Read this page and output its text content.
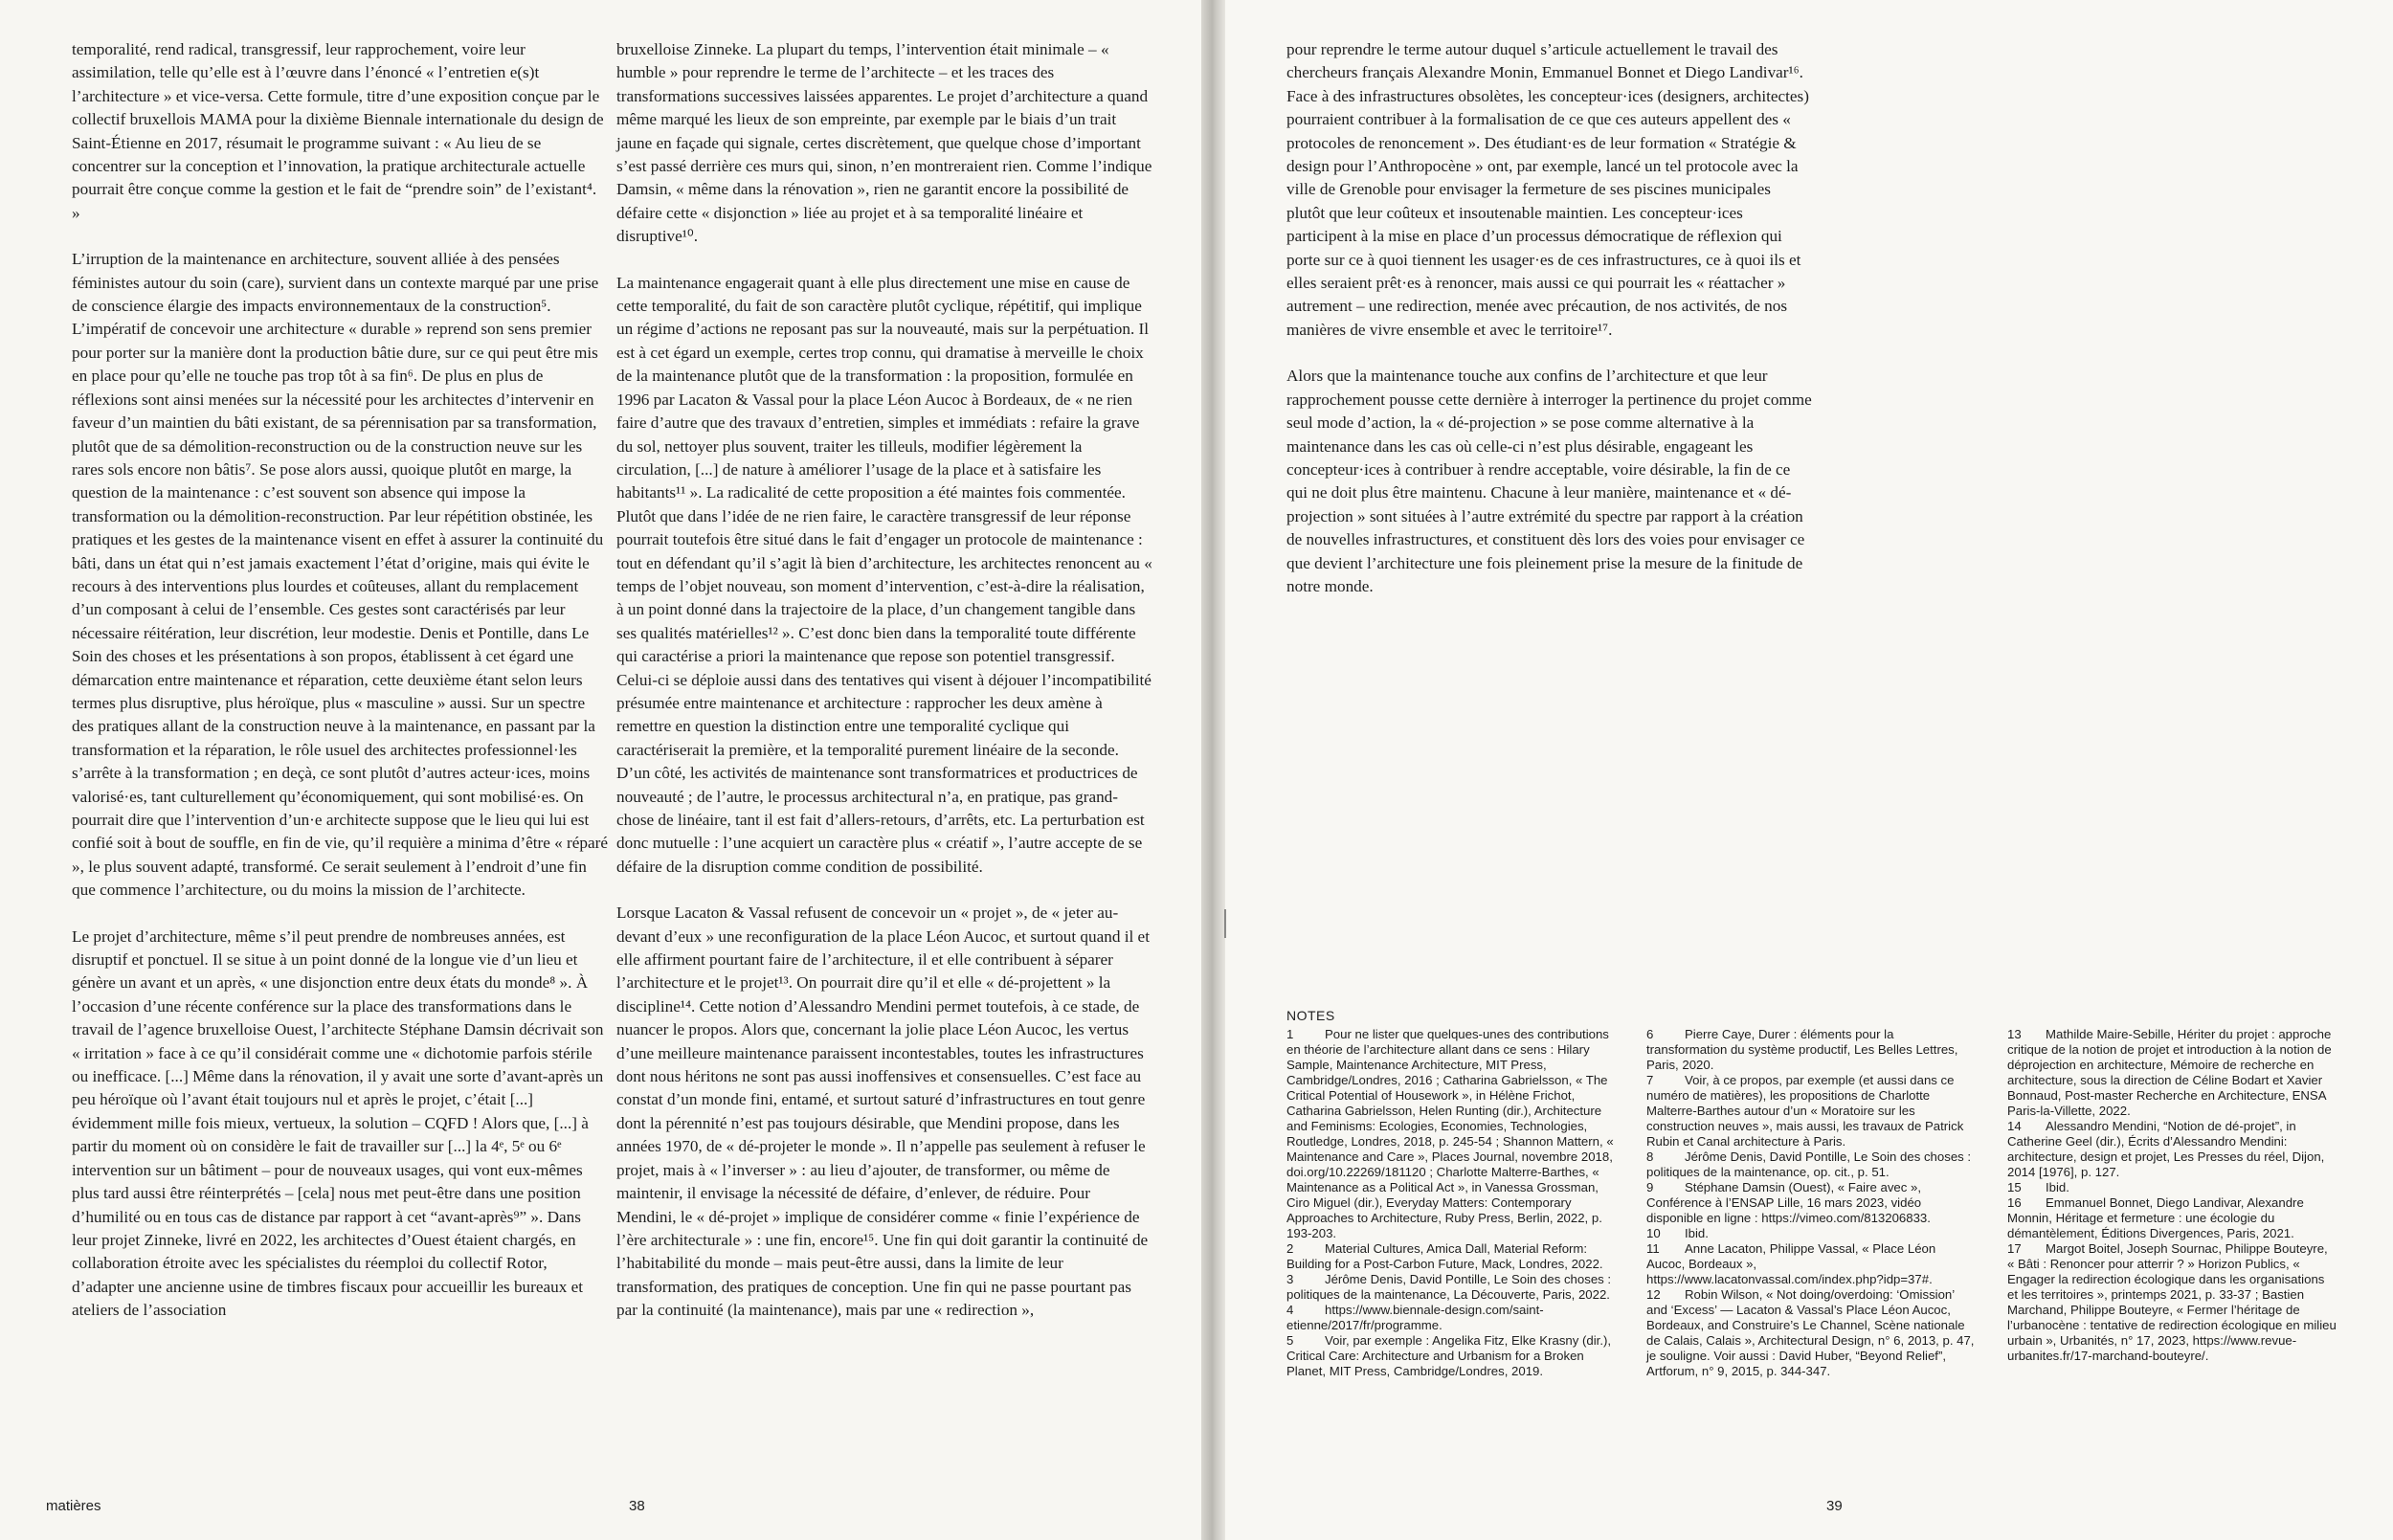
temporalité, rend radical, transgressif, leur rapprochement, voire leur assimilation, telle qu’elle est à l’œuvre dans l’énoncé « l’entretien e(s)t l’architecture » et vice-versa. Cette formule, titre d’une exposition conçue par le collectif bruxellois MAMA pour la dixième Biennale internationale du design de Saint-Étienne en 2017, résumait le programme suivant : « Au lieu de se concentrer sur la conception et l’innovation, la pratique architecturale actuelle pourrait être conçue comme la gestion et le fait de “prendre soin” de l’existant⁴. »

L’irruption de la maintenance en architecture, souvent alliée à des pensées féministes autour du soin (care), survient dans un contexte marqué par une prise de conscience élargie des impacts environnementaux de la construction⁵. L’impératif de concevoir une architecture « durable » reprend son sens premier pour porter sur la manière dont la production bâtie dure, sur ce qui peut être mis en place pour qu’elle ne touche pas trop tôt à sa fin⁶. De plus en plus de réflexions sont ainsi menées sur la nécessité pour les architectes d’intervenir en faveur d’un maintien du bâti existant, de sa pérennisation par sa transformation, plutôt que de sa démolition-reconstruction ou de la construction neuve sur les rares sols encore non bâtis⁷. Se pose alors aussi, quoique plutôt en marge, la question de la maintenance : c’est souvent son absence qui impose la transformation ou la démolition-reconstruction. Par leur répétition obstinée, les pratiques et les gestes de la maintenance visent en effet à assurer la continuité du bâti, dans un état qui n’est jamais exactement l’état d’origine, mais qui évite le recours à des interventions plus lourdes et coûteuses, allant du remplacement d’un composant à celui de l’ensemble. Ces gestes sont caractérisés par leur nécessaire réitération, leur discrétion, leur modestie. Denis et Pontille, dans Le Soin des choses et les présentations à son propos, établissent à cet égard une démarcation entre maintenance et réparation, cette deuxième étant selon leurs termes plus disruptive, plus héroïque, plus « masculine » aussi. Sur un spectre des pratiques allant de la construction neuve à la maintenance, en passant par la transformation et la réparation, le rôle usuel des architectes professionnel·les s’arrête à la transformation ; en deçà, ce sont plutôt d’autres acteur·ices, moins valorisé·es, tant culturellement qu’économiquement, qui sont mobilisé·es. On pourrait dire que l’intervention d’un·e architecte suppose que le lieu qui lui est confié soit à bout de souffle, en fin de vie, qu’il requière a minima d’être « réparé », le plus souvent adapté, transformé. Ce serait seulement à l’endroit d’une fin que commence l’architecture, ou du moins la mission de l’architecte.

Le projet d’architecture, même s’il peut prendre de nombreuses années, est disruptif et ponctuel. Il se situe à un point donné de la longue vie d’un lieu et génère un avant et un après, « une disjonction entre deux états du monde⁸ ». À l’occasion d’une récente conférence sur la place des transformations dans le travail de l’agence bruxelloise Ouest, l’architecte Stéphane Damsin décrivait son « irritation » face à ce qu’il considérait comme une « dichotomie parfois stérile ou inefficace. [...] Même dans la rénovation, il y avait une sorte d’avant-après un peu héroïque où l’avant était toujours nul et après le projet, c’était [...] évidemment mille fois mieux, vertueux, la solution – CQFD ! Alors que, [...] à partir du moment où on considère le fait de travailler sur [...] la 4ᵉ, 5ᵉ ou 6ᵉ intervention sur un bâtiment – pour de nouveaux usages, qui vont eux-mêmes plus tard aussi être réinterprétés – [cela] nous met peut-être dans une position d’humilité ou en tous cas de distance par rapport à cet “avant-après⁹” ». Dans leur projet Zinneke, livré en 2022, les architectes d’Ouest étaient chargés, en collaboration étroite avec les spécialistes du réemploi du collectif Rotor, d’adapter une ancienne usine de timbres fiscaux pour accueillir les bureaux et ateliers de l’association

bruxelloise Zinneke. La plupart du temps, l’intervention était minimale – « humble » pour reprendre le terme de l’architecte – et les traces des transformations successives laissées apparentes. Le projet d’architecture a quand même marqué les lieux de son empreinte, par exemple par le biais d’un trait jaune en façade qui signale, certes discrètement, que quelque chose d’important s’est passé derrière ces murs qui, sinon, n’en montreraient rien. Comme l’indique Damsin, « même dans la rénovation », rien ne garantit encore la possibilité de défaire cette « disjonction » liée au projet et à sa temporalité linéaire et disruptive¹⁰.

La maintenance engagerait quant à elle plus directement une mise en cause de cette temporalité, du fait de son caractère plutôt cyclique, répétitif, qui implique un régime d’actions ne reposant pas sur la nouveauté, mais sur la perpétuation. Il est à cet égard un exemple, certes trop connu, qui dramatise à merveille le choix de la maintenance plutôt que de la transformation : la proposition, formulée en 1996 par Lacaton & Vassal pour la place Léon Aucoc à Bordeaux, de « ne rien faire d’autre que des travaux d’entretien, simples et immédiats : refaire la grave du sol, nettoyer plus souvent, traiter les tilleuls, modifier légèrement la circulation, [...] de nature à améliorer l’usage de la place et à satisfaire les habitants¹¹ ». La radicalité de cette proposition a été maintes fois commentée. Plutôt que dans l’idée de ne rien faire, le caractère transgressif de leur réponse pourrait toutefois être situé dans le fait d’engager un protocole de maintenance : tout en défendant qu’il s’agit là bien d’architecture, les architectes renoncent au « temps de l’objet nouveau, son moment d’intervention, c’est-à-dire la réalisation, à un point donné dans la trajectoire de la place, d’un changement tangible dans ses qualités matérielles¹² ». C’est donc bien dans la temporalité toute différente qui caractérise a priori la maintenance que repose son potentiel transgressif. Celui-ci se déploie aussi dans des tentatives qui visent à déjouer l’incompatibilité présumée entre maintenance et architecture : rapprocher les deux amène à remettre en question la distinction entre une temporalité cyclique qui caractériserait la première, et la temporalité purement linéaire de la seconde. D’un côté, les activités de maintenance sont transformatrices et productrices de nouveauté ; de l’autre, le processus architectural n’a, en pratique, pas grand-chose de linéaire, tant il est fait d’allers-retours, d’arrêts, etc. La perturbation est donc mutuelle : l’une acquiert un caractère plus « créatif », l’autre accepte de se défaire de la disruption comme condition de possibilité.

Lorsque Lacaton & Vassal refusent de concevoir un « projet », de « jeter au-devant d’eux » une reconfiguration de la place Léon Aucoc, et surtout quand il et elle affirment pourtant faire de l’architecture, il et elle contribuent à séparer l’architecture et le projet¹³. On pourrait dire qu’il et elle « dé-projettent » la discipline¹⁴. Cette notion d’Alessandro Mendini permet toutefois, à ce stade, de nuancer le propos. Alors que, concernant la jolie place Léon Aucoc, les vertus d’une meilleure maintenance paraissent incontestables, toutes les infrastructures dont nous héritons ne sont pas aussi inoffensives et consensuelles. C’est face au constat d’un monde fini, entamé, et surtout saturé d’infrastructures en tout genre dont la pérennité n’est pas toujours désirable, que Mendini propose, dans les années 1970, de « dé-projeter le monde ». Il n’appelle pas seulement à refuser le projet, mais à « l’inverser » : au lieu d’ajouter, de transformer, ou même de maintenir, il envisage la nécessité de défaire, d’enlever, de réduire. Pour Mendini, le « dé-projet » implique de considérer comme « finie l’expérience de l’ère architecturale » : une fin, encore¹⁵. Une fin qui doit garantir la continuité de l’habitabilité du monde – mais peut-être aussi, dans la limite de leur transformation, des pratiques de conception. Une fin qui ne passe pourtant pas par la continuité (la maintenance), mais par une « redirection »,

matières	38

pour reprendre le terme autour duquel s’articule actuellement le travail des chercheurs français Alexandre Monin, Emmanuel Bonnet et Diego Landivar¹⁶. Face à des infrastructures obsolètes, les concepteur·ices (designers, architectes) pourraient contribuer à la formalisation de ce que ces auteurs appellent des « protocoles de renoncement ». Des étudiant·es de leur formation « Stratégie & design pour l’Anthropocène » ont, par exemple, lancé un tel protocole avec la ville de Grenoble pour envisager la fermeture de ses piscines municipales plutôt que leur coûteux et insoutenable maintien. Les concepteur·ices participent à la mise en place d’un processus démocratique de réflexion qui porte sur ce à quoi tiennent les usager·es de ces infrastructures, ce à quoi ils et elles seraient prêt·es à renoncer, mais aussi ce qui pourrait les « réattacher » autrement – une redirection, menée avec précaution, de nos activités, de nos manières de vivre ensemble et avec le territoire¹⁷.

Alors que la maintenance touche aux confins de l’architecture et que leur rapprochement pousse cette dernière à interroger la pertinence du projet comme seul mode d’action, la « dé-projection » se pose comme alternative à la maintenance dans les cas où celle-ci n’est plus désirable, engageant les concepteur·ices à contribuer à rendre acceptable, voire désirable, la fin de ce qui ne doit plus être maintenu. Chacune à leur manière, maintenance et « dé-projection » sont situées à l’autre extrémité du spectre par rapport à la création de nouvelles infrastructures, et constituent dès lors des voies pour envisager ce que devient l’architecture une fois pleinement prise la mesure de la finitude de notre monde.

NOTES

1 Pour ne lister que quelques-unes des contributions en théorie de l’architecture allant dans ce sens : Hilary Sample, Maintenance Architecture, MIT Press, Cambridge/Londres, 2016 ; Catharina Gabrielsson, « The Critical Potential of Housework », in Hélène Frichot, Catharina Gabrielsson, Helen Runting (dir.), Architecture and Feminisms: Ecologies, Economies, Technologies, Routledge, Londres, 2018, p. 245-54 ; Shannon Mattern, « Maintenance and Care », Places Journal, novembre 2018, doi.org/10.22269/181120 ; Charlotte Malterre-Barthes, « Maintenance as a Political Act », in Vanessa Grossman, Ciro Miguel (dir.), Everyday Matters: Contemporary Approaches to Architecture, Ruby Press, Berlin, 2022, p. 193-203.

2 Material Cultures, Amica Dall, Material Reform: Building for a Post-Carbon Future, Mack, Londres, 2022.

3 Jérôme Denis, David Pontille, Le Soin des choses : politiques de la maintenance, La Découverte, Paris, 2022.

4 https://www.biennale-design.com/saint-etienne/2017/fr/programme.

5 Voir, par exemple : Angelika Fitz, Elke Krasny (dir.), Critical Care: Architecture and Urbanism for a Broken Planet, MIT Press, Cambridge/Londres, 2019.

6 Pierre Caye, Durer : éléments pour la transformation du système productif, Les Belles Lettres, Paris, 2020.

7 Voir, à ce propos, par exemple (et aussi dans ce numéro de matières), les propositions de Charlotte Malterre-Barthes autour d’un « Moratoire sur les construction neuves », mais aussi, les travaux de Patrick Rubin et Canal architecture à Paris.

8 Jérôme Denis, David Pontille, Le Soin des choses : politiques de la maintenance, op. cit., p. 51.

9 Stéphane Damsin (Ouest), « Faire avec », Conférence à l’ENSAP Lille, 16 mars 2023, vidéo disponible en ligne : https://vimeo.com/813206833.

10 Ibid.

11 Anne Lacaton, Philippe Vassal, « Place Léon Aucoc, Bordeaux », https://www.lacatonvassal.com/index.php?idp=37#.

12 Robin Wilson, « Not doing/overdoing: ‘Omission’ and ‘Excess’ — Lacaton & Vassal’s Place Léon Aucoc, Bordeaux, and Construire’s Le Channel, Scène nationale de Calais, Calais », Architectural Design, n° 6, 2013, p. 47, je souligne. Voir aussi : David Huber, “Beyond Relief”, Artforum, n° 9, 2015, p. 344-347.

13 Mathilde Maire-Sebille, Hériter du projet : approche critique de la notion de projet et introduction à la notion de déprojection en architecture, Mémoire de recherche en architecture, sous la direction de Céline Bodart et Xavier Bonnaud, Post-master Recherche en Architecture, ENSA Paris-la-Villette, 2022.

14 Alessandro Mendini, “Notion de dé-projet”, in Catherine Geel (dir.), Écrits d’Alessandro Mendini: architecture, design et projet, Les Presses du réel, Dijon, 2014 [1976], p. 127.

15 Ibid.

16 Emmanuel Bonnet, Diego Landivar, Alexandre Monnin, Héritage et fermeture : une écologie du démantèlement, Éditions Divergences, Paris, 2021.

17 Margot Boitel, Joseph Sournac, Philippe Bouteyre, « Bâti : Renoncer pour atterrir ? » Horizon Publics, « Engager la redirection écologique dans les organisations et les territoires », printemps 2021, p. 33-37 ; Bastien Marchand, Philippe Bouteyre, « Fermer l’héritage de l’urbanocène : tentative de redirection écologique en milieu urbain », Urbanités, n° 17, 2023, https://www.revue-urbanites.fr/17-marchand-bouteyre/.

39
